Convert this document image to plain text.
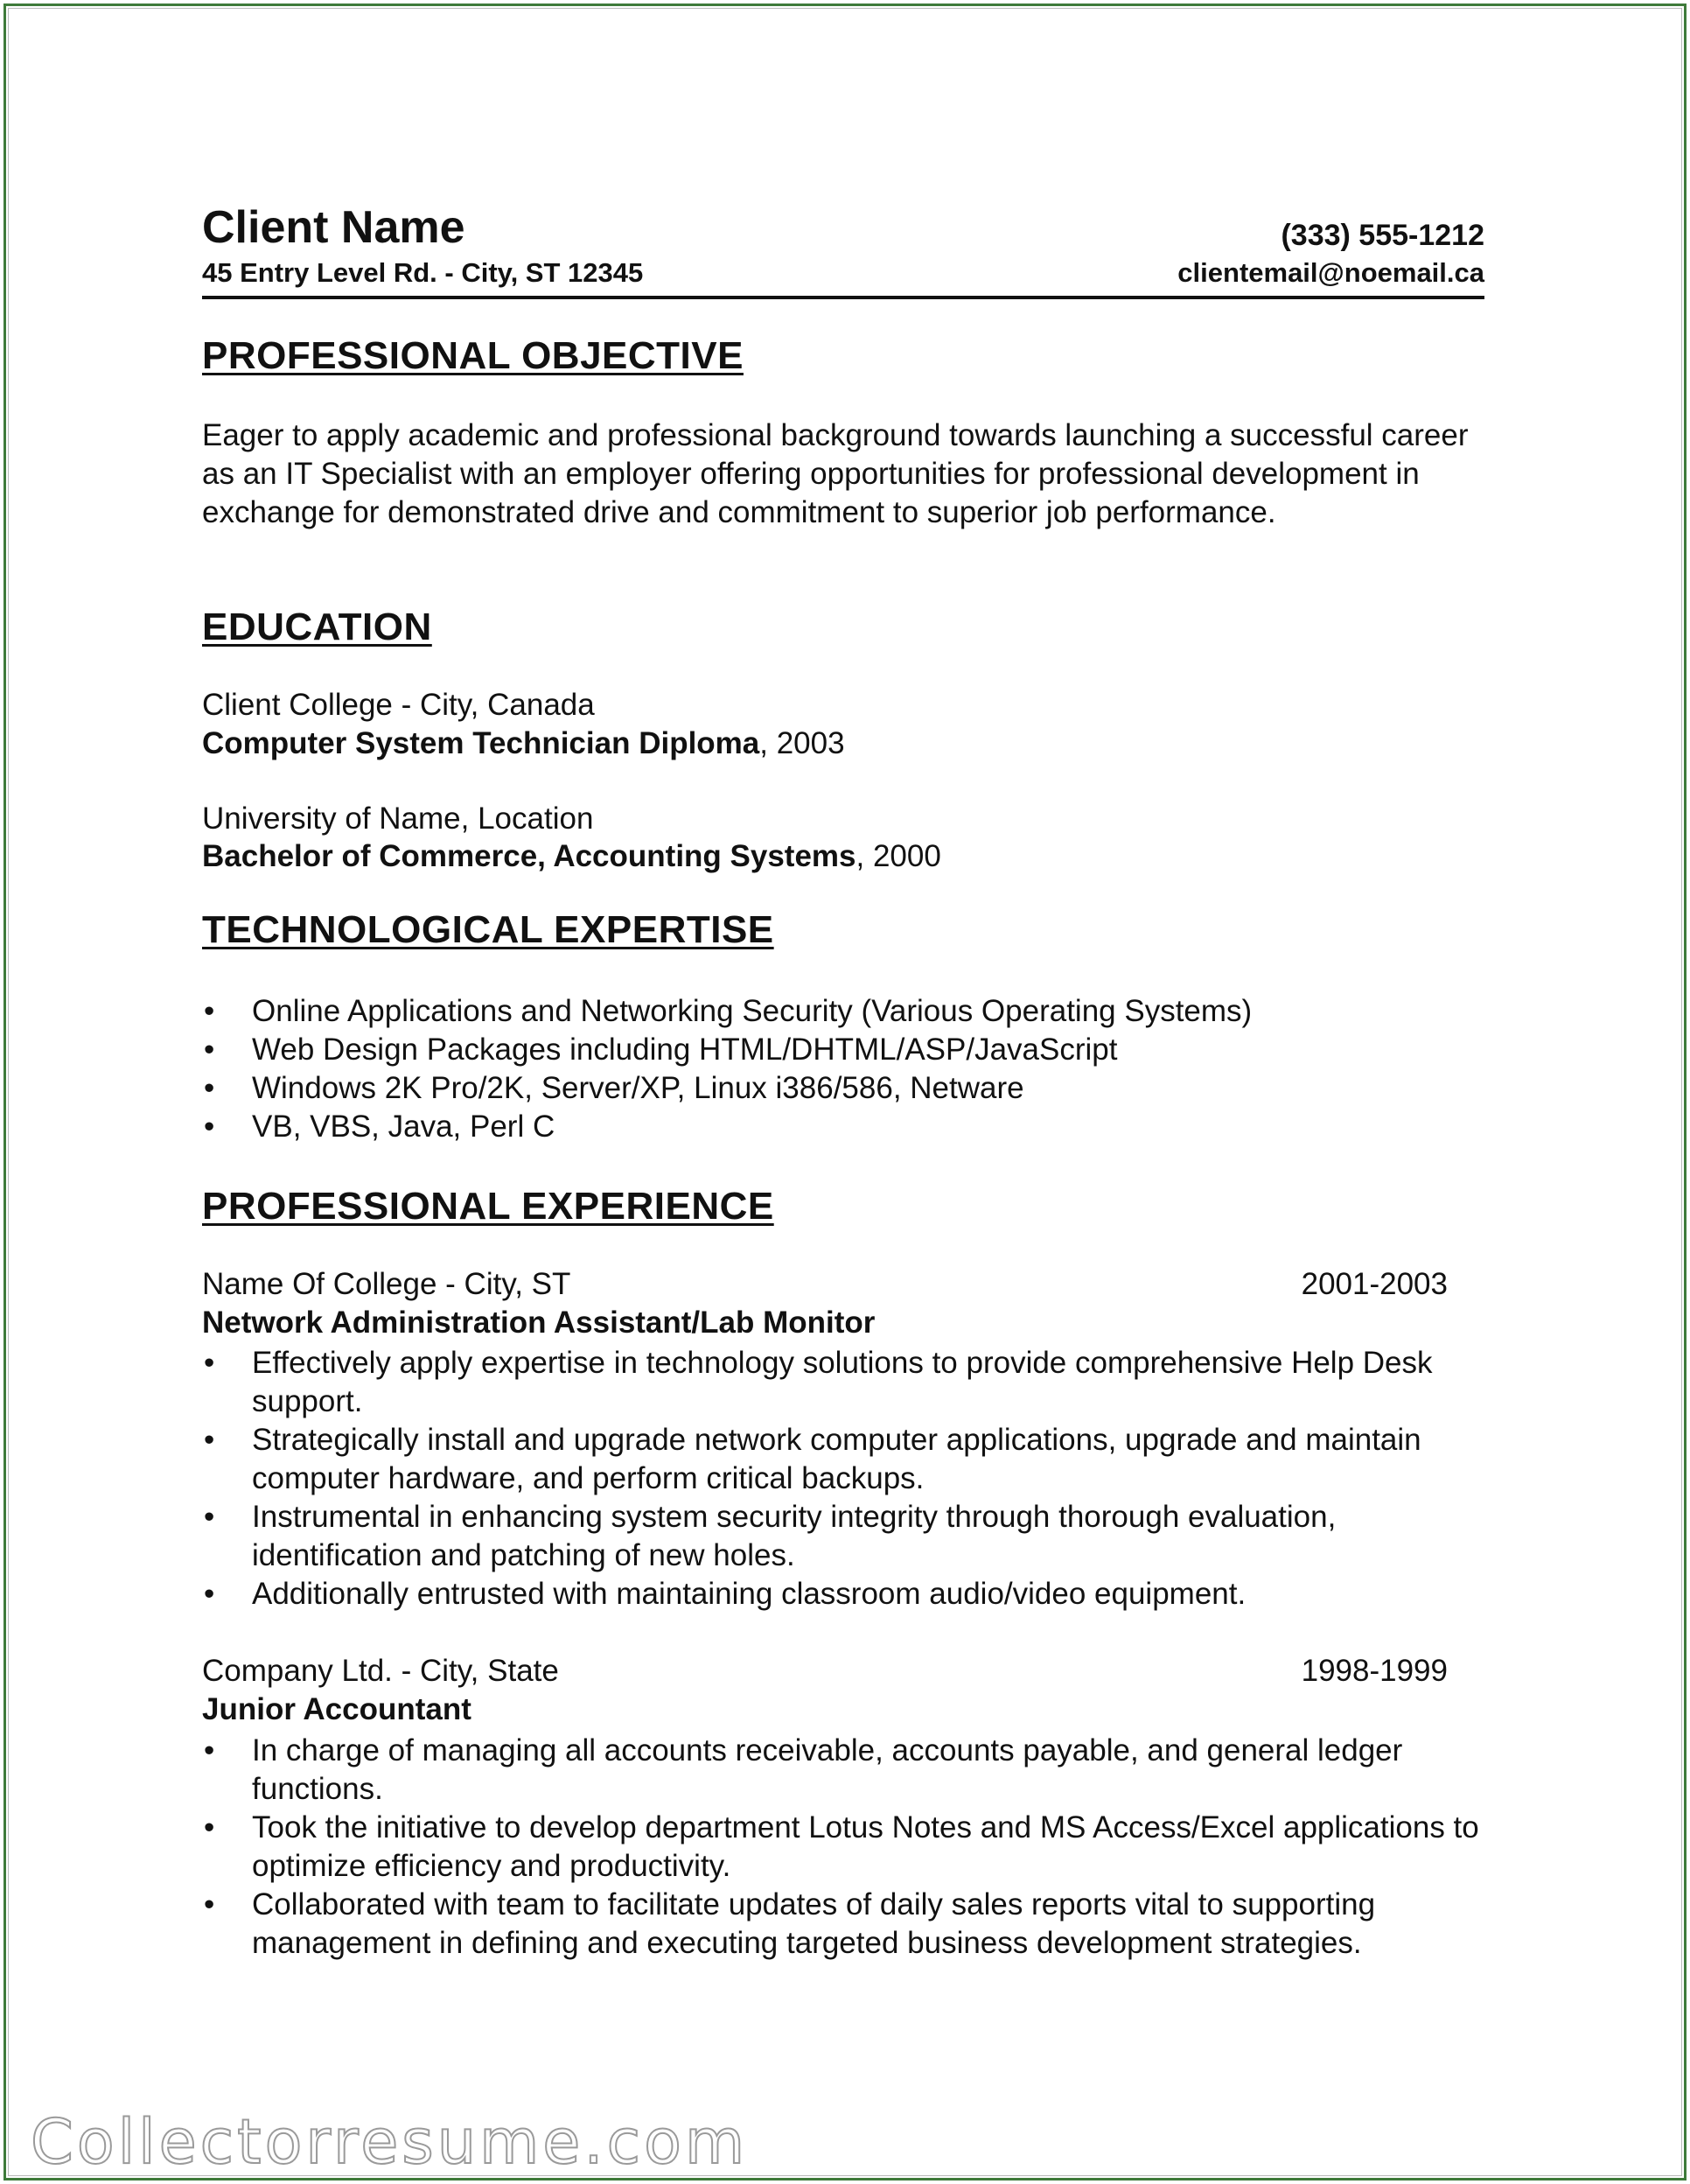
Client Name	(333) 555-1212
45 Entry Level Rd. - City, ST 12345	clientemail@noemail.ca
PROFESSIONAL OBJECTIVE
Eager to apply academic and professional background towards launching a successful career as an IT Specialist with an employer offering opportunities for professional development in exchange for demonstrated drive and commitment to superior job performance.
EDUCATION
Client College - City, Canada
Computer System Technician Diploma, 2003
University of Name, Location
Bachelor of Commerce, Accounting Systems, 2000
TECHNOLOGICAL EXPERTISE
• Online Applications and Networking Security (Various Operating Systems)
• Web Design Packages including HTML/DHTML/ASP/JavaScript
• Windows 2K Pro/2K, Server/XP, Linux i386/586, Netware
• VB, VBS, Java, Perl C
PROFESSIONAL EXPERIENCE
Name Of College - City, ST	2001-2003
Network Administration Assistant/Lab Monitor
• Effectively apply expertise in technology solutions to provide comprehensive Help Desk support.
• Strategically install and upgrade network computer applications, upgrade and maintain computer hardware, and perform critical backups.
• Instrumental in enhancing system security integrity through thorough evaluation, identification and patching of new holes.
• Additionally entrusted with maintaining classroom audio/video equipment.
Company Ltd. - City, State	1998-1999
Junior Accountant
• In charge of managing all accounts receivable, accounts payable, and general ledger functions.
• Took the initiative to develop department Lotus Notes and MS Access/Excel applications to optimize efficiency and productivity.
• Collaborated with team to facilitate updates of daily sales reports vital to supporting management in defining and executing targeted business development strategies.
Collectorresume.com
